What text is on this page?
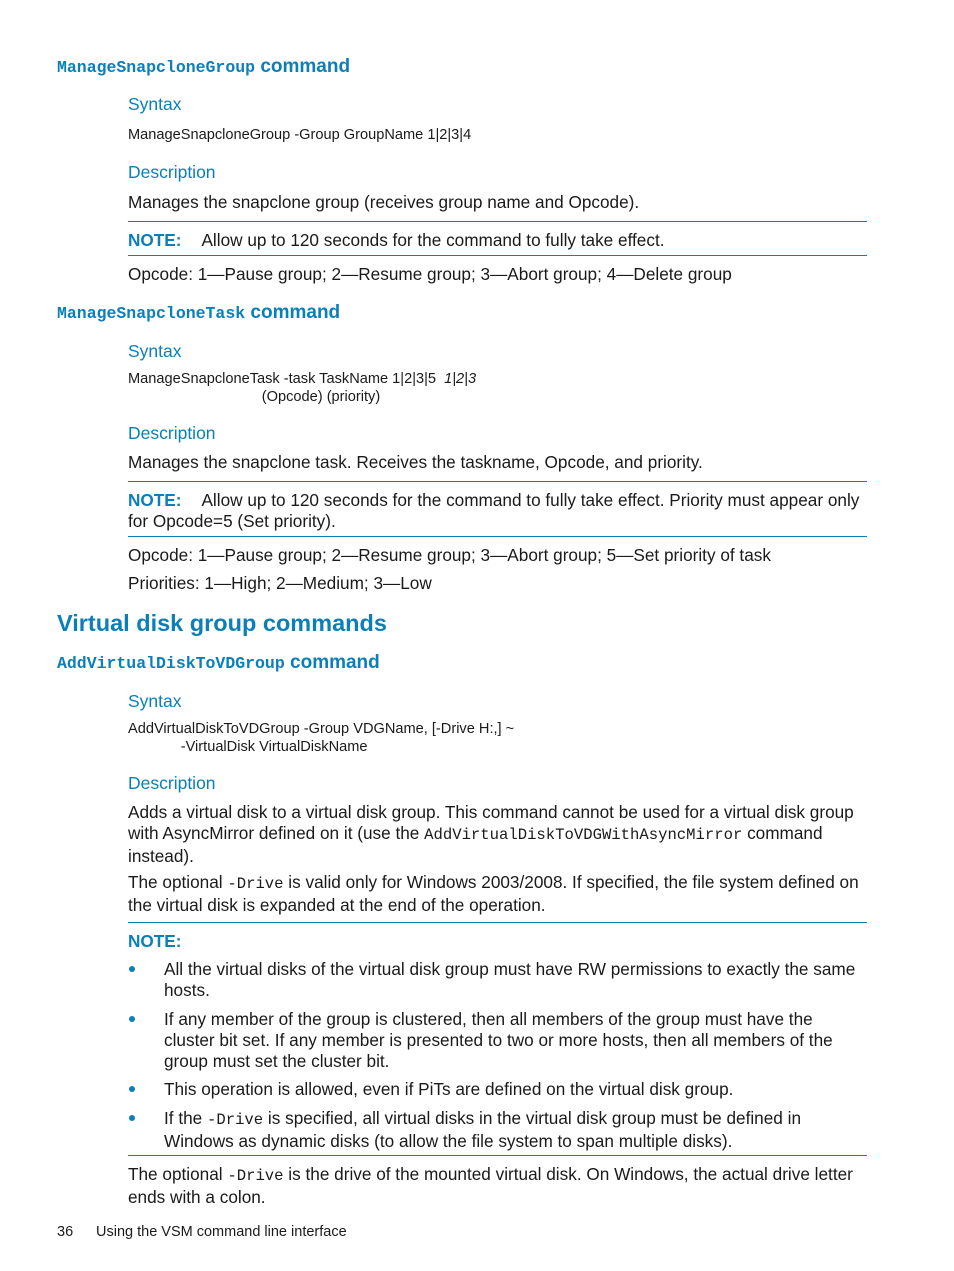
ManageSnapcloneGroup command
Syntax
ManageSnapcloneGroup -Group GroupName 1|2|3|4
Description
Manages the snapclone group (receives group name and Opcode).
NOTE: Allow up to 120 seconds for the command to fully take effect.
Opcode: 1—Pause group; 2—Resume group; 3—Abort group; 4—Delete group
ManageSnapcloneTask command
Syntax
ManageSnapcloneTask -task TaskName 1|2|3|5  1|2|3
(Opcode) (priority)
Description
Manages the snapclone task. Receives the taskname, Opcode, and priority.
NOTE: Allow up to 120 seconds for the command to fully take effect. Priority must appear only for Opcode=5 (Set priority).
Opcode: 1—Pause group; 2—Resume group; 3—Abort group; 5—Set priority of task
Priorities: 1—High; 2—Medium; 3—Low
Virtual disk group commands
AddVirtualDiskToVDGroup command
Syntax
AddVirtualDiskToVDGroup -Group VDGName, [-Drive H:,] ~
-VirtualDisk VirtualDiskName
Description
Adds a virtual disk to a virtual disk group. This command cannot be used for a virtual disk group with AsyncMirror defined on it (use the AddVirtualDiskToVDGWithAsyncMirror command instead).
The optional -Drive is valid only for Windows 2003/2008. If specified, the file system defined on the virtual disk is expanded at the end of the operation.
NOTE:
All the virtual disks of the virtual disk group must have RW permissions to exactly the same hosts.
If any member of the group is clustered, then all members of the group must have the cluster bit set. If any member is presented to two or more hosts, then all members of the group must set the cluster bit.
This operation is allowed, even if PiTs are defined on the virtual disk group.
If the -Drive is specified, all virtual disks in the virtual disk group must be defined in Windows as dynamic disks (to allow the file system to span multiple disks).
The optional -Drive is the drive of the mounted virtual disk. On Windows, the actual drive letter ends with a colon.
36 Using the VSM command line interface
